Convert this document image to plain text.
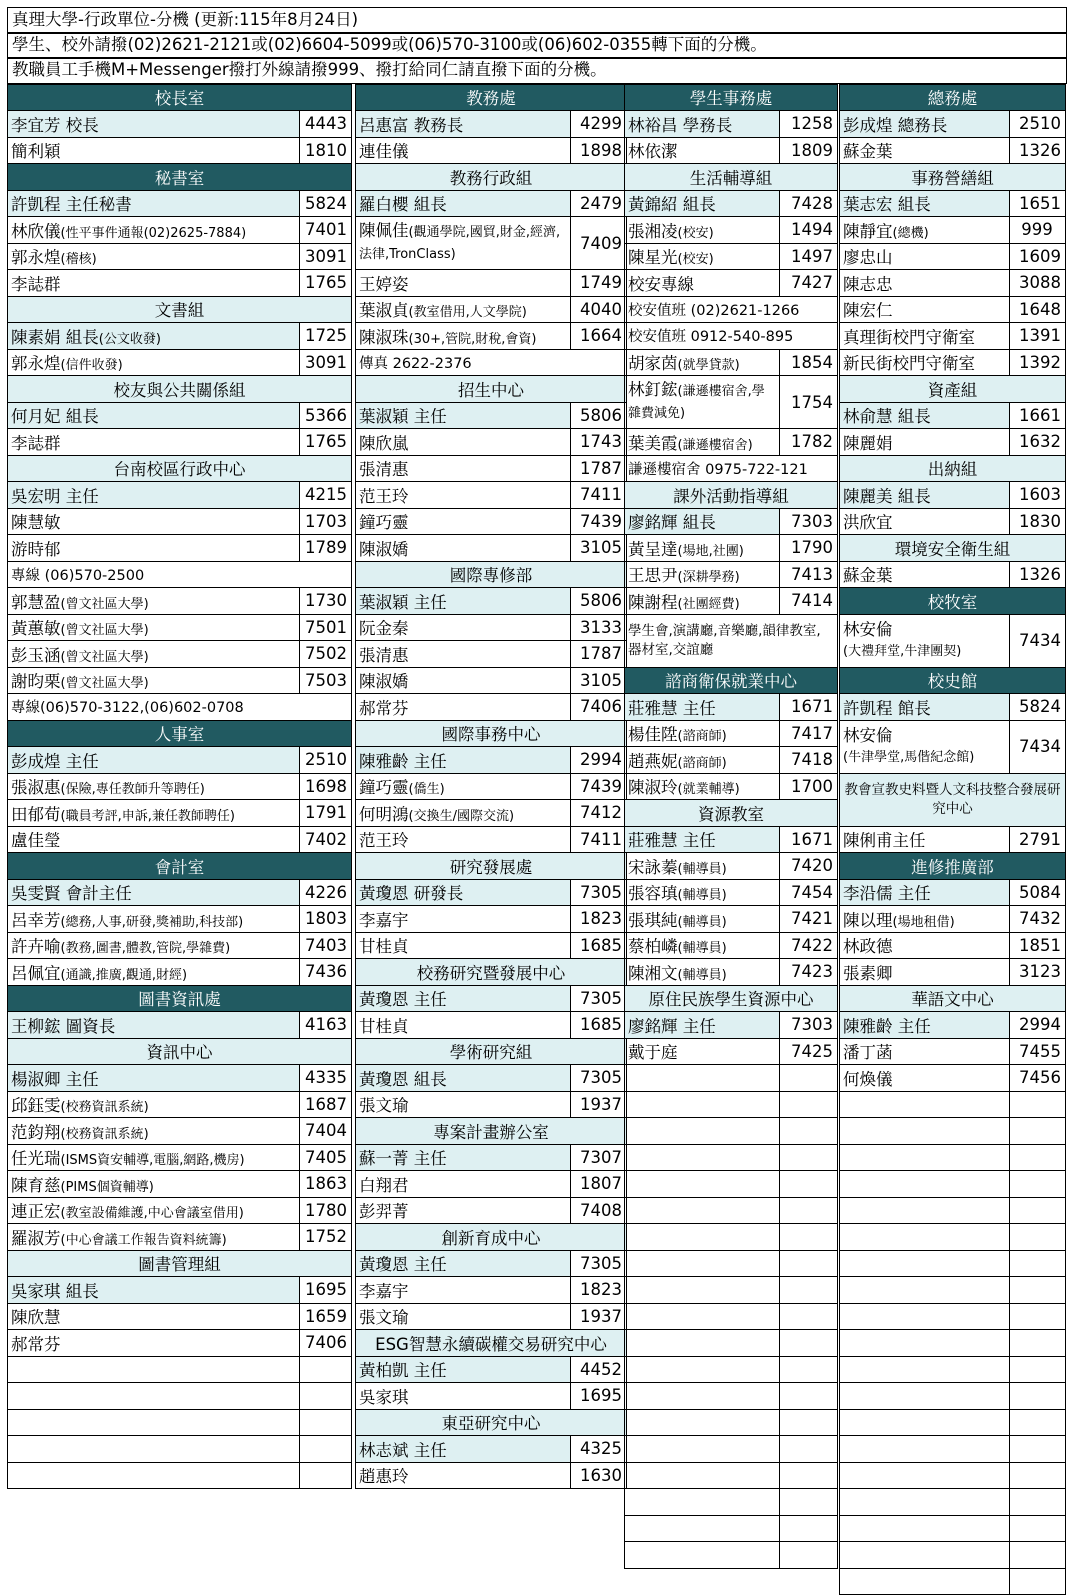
真理大學-行政單位-分機 (更新:115年8月24日)
學生、校外請撥(02)2621-2121或(02)6604-5099或(06)570-3100或(06)602-0355轉下面的分機。
教職員工手機M+Messenger撥打外線請撥999、撥打給同仁請直撥下面的分機。
校長室	
李宜芳 校長	4443
簡利穎	1810
秘書室	
許凱程 主任秘書	5824
林欣儀(性平事件通報(02)2625-7884)	7401
郭永煌(稽核)	3091
李誌群	1765
文書組	
陳素娟 組長(公文收發)	1725
郭永煌(信件收發)	3091
校友與公共關係組	
何月妃 組長	5366
李誌群	1765
台南校區行政中心	
吳宏明 主任	4215
陳慧敏	1703
游時郁	1789
專線 (06)570-2500	
郭慧盈(曾文社區大學)	1730
黃蕙敏(曾文社區大學)	7501
彭玉涵(曾文社區大學)	7502
謝昀栗(曾文社區大學)	7503
專線(06)570-3122,(06)602-0708	
人事室	
彭成煌 主任	2510
張淑惠(保險,專任教師升等聘任)	1698
田郁荀(職員考評,申訴,兼任教師聘任)	1791
盧佳瑩	7402
會計室	
吳雯賢 會計主任	4226
呂幸芳(總務,人事,研發,獎補助,科技部)	1803
許卉喻(教務,圖書,體教,管院,學雜費)	7403
呂佩宜(通識,推廣,觀通,財經)	7436
圖書資訊處	
王柳鋐 圖資長	4163
資訊中心	
楊淑卿 主任	4335
邱鈺雯(校務資訊系統)	1687
范鈞翔(校務資訊系統)	7404
任光瑞(ISMS資安輔導,電腦,網路,機房)	7405
陳育慈(PIMS個資輔導)	1863
連正宏(教室設備維護,中心會議室借用)	1780
羅淑芳(中心會議工作報告資料統籌)	1752
圖書管理組	
吳家琪 組長	1695
陳欣慧	1659
郝常芬	7406

教務處	
呂惠富 教務長	4299
連佳儀	1898
教務行政組	
羅白櫻 組長	2479
陳佩佳(觀通學院,國貿,財金,經濟,法律,TronClass)	7409
王婷姿	1749
葉淑貞(教室借用,人文學院)	4040
陳淑珠(30+,管院,財稅,會資)	1664
傳真 2622-2376	
招生中心	
葉淑穎 主任	5806
陳欣嵐	1743
張清惠	1787
范王玲	7411
鐘巧靈	7439
陳淑嬌	3105
國際專修部	
葉淑穎 主任	5806
阮金秦	3133
張清惠	1787
陳淑嬌	3105
郝常芬	7406
國際事務中心	
陳雅齡 主任	2994
鐘巧靈(僑生)	7439
何明鴻(交換生/國際交流)	7412
范王玲	7411
研究發展處	
黃瓊恩 研發長	7305
李嘉宇	1823
甘桂貞	1685
校務研究暨發展中心	
黃瓊恩 主任	7305
甘桂貞	1685
學術研究組	
黃瓊恩 組長	7305
張文瑜	1937
專案計畫辦公室	
蘇一菁 主任	7307
白翔君	1807
彭羿菁	7408
創新育成中心	
黃瓊恩 主任	7305
李嘉宇	1823
張文瑜	1937
ESG智慧永續碳權交易研究中心	
黃柏凱 主任	4452
吳家琪	1695
東亞研究中心	
林志斌 主任	4325
趙惠玲	1630
學生事務處	
林裕昌 學務長	1258
林依潔	1809
生活輔導組	
黃錦紹 組長	7428
張湘凌(校安)	1494
陳星光(校安)	1497
校安專線	7427
校安值班 (02)2621-1266	
校安值班 0912-540-895	
胡家茵(就學貸款)	1854
林釘鋐(謙遜樓宿舍,學雜費減免)	1754
葉美霞(謙遜樓宿舍)	1782
謙遜樓宿舍 0975-722-121	
課外活動指導組	
廖銘輝 組長	7303
黃呈達(場地,社團)	1790
王思尹(深耕學務)	7413
陳謝程(社團經費)	7414
學生會,演講廳,音樂廳,韻律教室,器材室,交誼廳	
諮商衛保就業中心	
莊雅慧 主任	1671
楊佳陞(諮商師)	7417
趙燕妮(諮商師)	7418
陳淑玲(就業輔導)	1700
資源教室	
莊雅慧 主任	1671
宋詠蓁(輔導員)	7420
張容瑱(輔導員)	7454
張琪純(輔導員)	7421
蔡柏嶙(輔導員)	7422
陳湘文(輔導員)	7423
原住民族學生資源中心	
廖銘輝 主任	7303
戴于庭	7425

總務處	
彭成煌 總務長	2510
蘇金葉	1326
事務營繕組	
葉志宏 組長	1651
陳靜宜(總機)	999
廖忠山	1609
陳志忠	3088
陳宏仁	1648
真理街校門守衛室	1391
新民街校門守衛室	1392
資產組	
林俞慧 組長	1661
陳麗娟	1632
出納組	
陳麗美 組長	1603
洪欣宜	1830
環境安全衛生組	
蘇金葉	1326
校牧室	
林安倫
(大禮拜堂,牛津團契)	7434
校史館	
許凱程 館長	5824
林安倫
(牛津學堂,馬偕紀念館)	7434
教會宣教史料暨人文科技整合發展研究中心	
陳俐甫主任	2791
進修推廣部	
李沿儒 主任	5084
陳以理(場地租借)	7432
林政德	1851
張素卿	3123
華語文中心	
陳雅齡 主任	2994
潘丁菡	7455
何煥儀	7456
